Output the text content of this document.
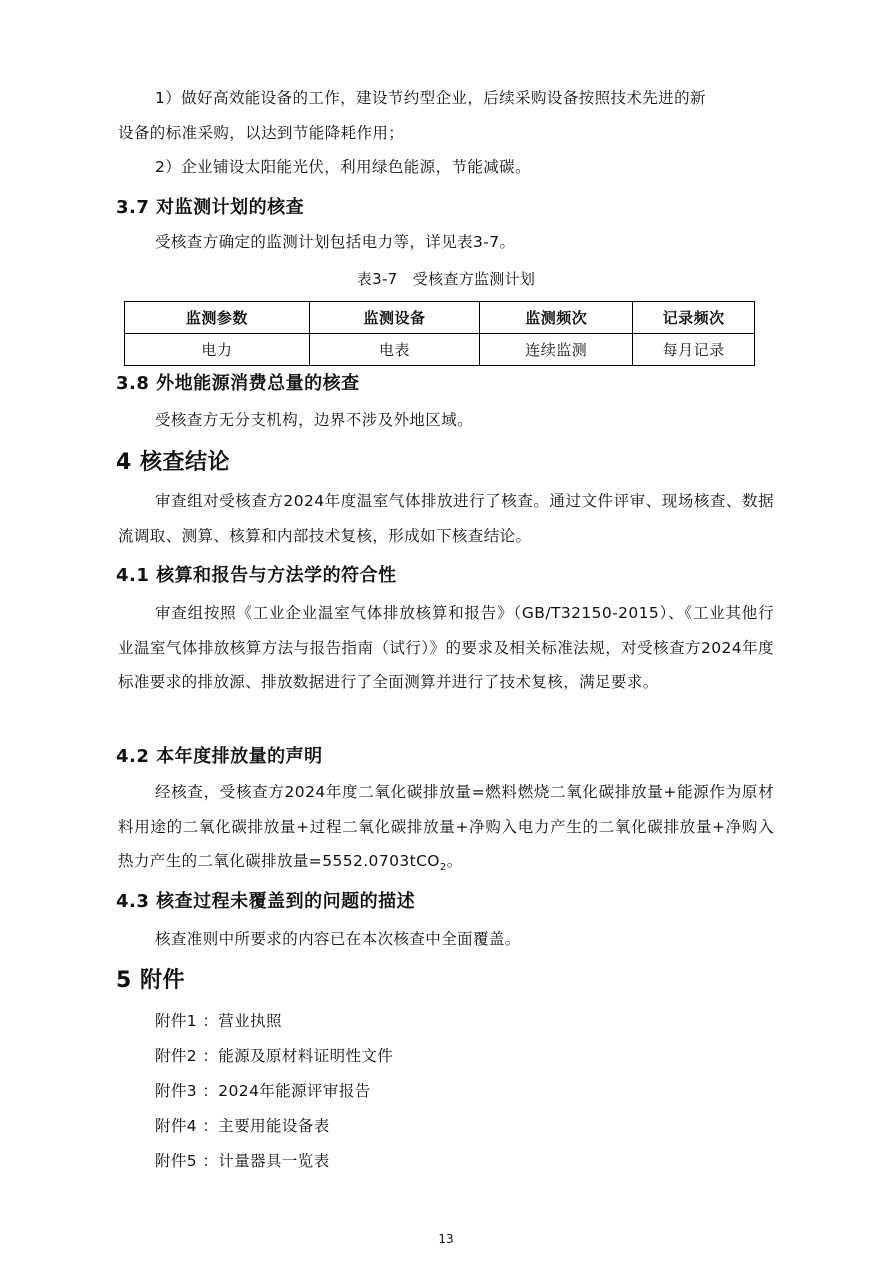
1）做好高效能设备的工作，建设节约型企业，后续采购设备按照技术先进的新

设备的标准采购，以达到节能降耗作用；

2）企业铺设太阳能光伏，利用绿色能源，节能减碳。

3.7 对监测计划的核查

受核查方确定的监测计划包括电力等，详见表3-7。

表3-7　受核查方监测计划

监测参数	监测设备	监测频次	记录频次
电力	电表	连续监测	每月记录
3.8 外地能源消费总量的核查

受核查方无分支机构，边界不涉及外地区域。

4 核查结论

审查组对受核查方2024年度温室气体排放进行了核查。通过文件评审、现场核查、数据流调取、测算、核算和内部技术复核，形成如下核查结论。

4.1 核算和报告与方法学的符合性

审查组按照《工业企业温室气体排放核算和报告》（GB/T32150-2015）、《工业其他行业温室气体排放核算方法与报告指南（试行）》的要求及相关标准法规，对受核查方2024年度标准要求的排放源、排放数据进行了全面测算并进行了技术复核，满足要求。

4.2 本年度排放量的声明

经核查，受核查方2024年度二氧化碳排放量=燃料燃烧二氧化碳排放量+能源作为原材料用途的二氧化碳排放量+过程二氧化碳排放量+净购入电力产生的二氧化碳排放量+净购入热力产生的二氧化碳排放量=5552.0703tCO$_2$。

4.3 核查过程未覆盖到的问题的描述

核查准则中所要求的内容已在本次核查中全面覆盖。

5 附件

附件1 ：营业执照

附件2 ：能源及原材料证明性文件

附件3 ：2024年能源评审报告

附件4 ：主要用能设备表

附件5 ：计量器具一览表

13
